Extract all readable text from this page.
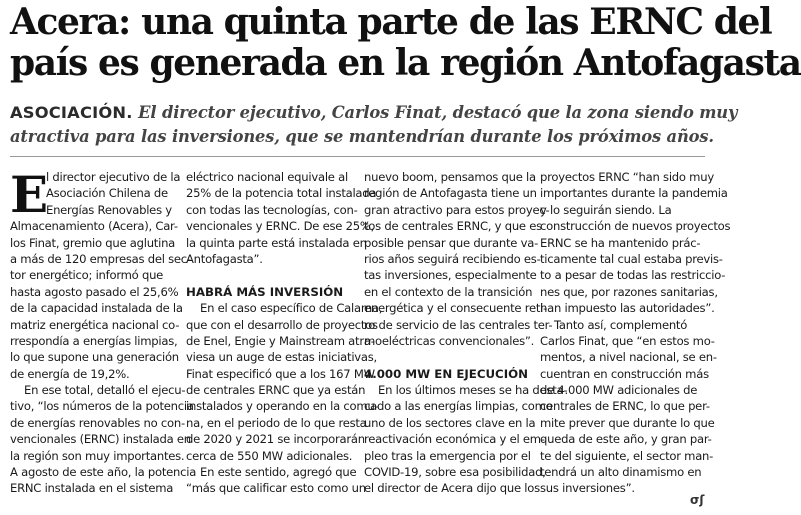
Acera: una quinta parte de las ERNC del
país es generada en la región Antofagasta
ASOCIACIÓN. El director ejecutivo, Carlos Finat, destacó que la zona siendo muy
atractiva para las inversiones, que se mantendrían durante los próximos años.
E
l director ejecutivo de la
Asociación Chilena de
Energías Renovables y
Almacenamiento (Acera), Car-
los Finat, gremio que aglutina
a más de 120 empresas del sec-
tor energético; informó que
hasta agosto pasado el 25,6%
de la capacidad instalada de la
matriz energética nacional co-
rrespondía a energías limpias,
lo que supone una generación
de energía de 19,2%.
En ese total, detalló el ejecu-
tivo, “los números de la potencia
de energías renovables no con-
vencionales (ERNC) instalada en
la región son muy importantes.
A agosto de este año, la potencia
ERNC instalada en el sistema
eléctrico nacional equivale al
25% de la potencia total instalada
con todas las tecnologías, con-
vencionales y ERNC. De ese 25%,
la quinta parte está instalada en
Antofagasta”.
HABRÁ MÁS INVERSIÓN
En el caso específico de Calama,
que con el desarrollo de proyectos
de Enel, Engie y Mainstream atra-
viesa un auge de estas iniciativas,
Finat especificó que a los 167 MW
de centrales ERNC que ya están
instalados y operando en la comu-
na, en el periodo de lo que resta
de 2020 y 2021 se incorporarán
cerca de 550 MW adicionales.
En este sentido, agregó que
“más que calificar esto como un
nuevo boom, pensamos que la
región de Antofagasta tiene un
gran atractivo para estos proyec-
tos de centrales ERNC, y que es
posible pensar que durante va-
rios años seguirá recibiendo es-
tas inversiones, especialmente
en el contexto de la transición
energética y el consecuente reti-
ro de servicio de las centrales ter-
moeléctricas convencionales”.
4.000 MW EN EJECUCIÓN
En los últimos meses se ha desta-
cado a las energías limpias, como
uno de los sectores clave en la
reactivación económica y el em-
pleo tras la emergencia por el
COVID-19, sobre esa posibilidad,
el director de Acera dijo que los
proyectos ERNC “han sido muy
importantes durante la pandemia
y lo seguirán siendo. La
construcción de nuevos proyectos
ERNC se ha mantenido prác-
ticamente tal cual estaba previs-
to a pesar de todas las restriccio-
nes que, por razones sanitarias,
han impuesto las autoridades”.
Tanto así, complementó
Carlos Finat, que “en estos mo-
mentos, a nivel nacional, se en-
cuentran en construcción más
de 4.000 MW adicionales de
centrales de ERNC, lo que per-
mite prever que durante lo que
queda de este año, y gran par-
te del siguiente, el sector man-
tendrá un alto dinamismo en
sus inversiones”.
σʃ
